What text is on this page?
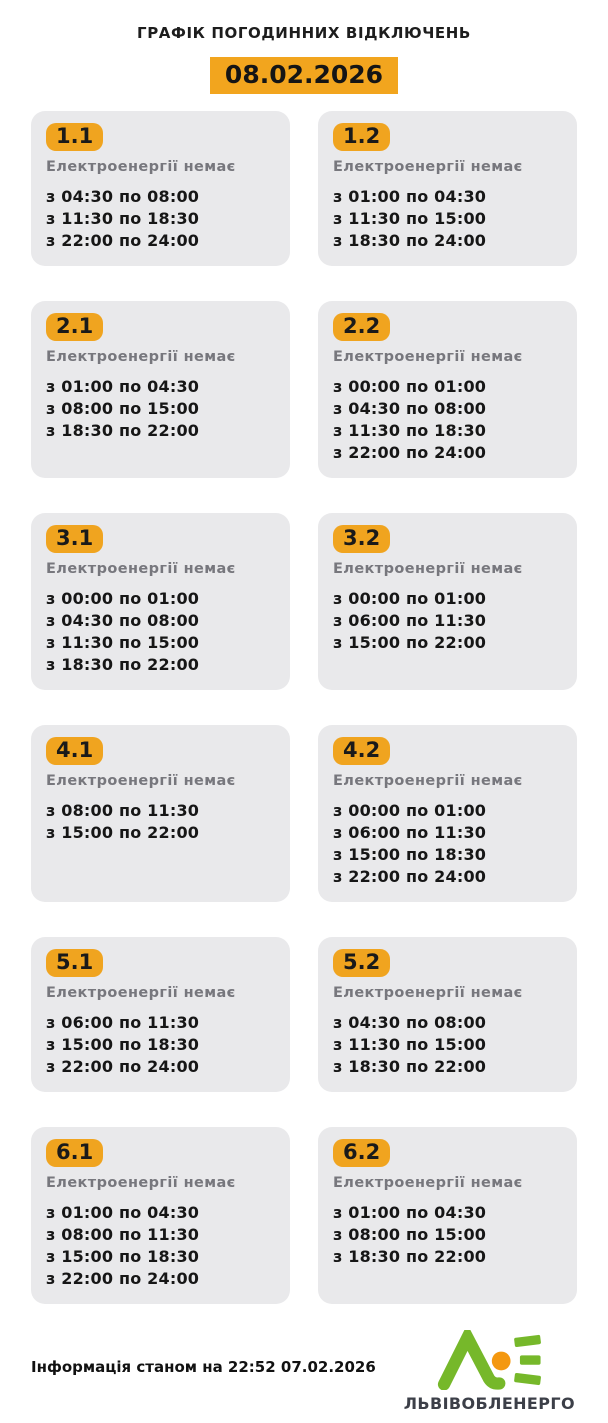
ГРАФІК ПОГОДИННИХ ВІДКЛЮЧЕНЬ
08.02.2026
1.1
Електроенергії немає
з 04:30 по 08:00
з 11:30 по 18:30
з 22:00 по 24:00
1.2
Електроенергії немає
з 01:00 по 04:30
з 11:30 по 15:00
з 18:30 по 24:00
2.1
Електроенергії немає
з 01:00 по 04:30
з 08:00 по 15:00
з 18:30 по 22:00
2.2
Електроенергії немає
з 00:00 по 01:00
з 04:30 по 08:00
з 11:30 по 18:30
з 22:00 по 24:00
3.1
Електроенергії немає
з 00:00 по 01:00
з 04:30 по 08:00
з 11:30 по 15:00
з 18:30 по 22:00
3.2
Електроенергії немає
з 00:00 по 01:00
з 06:00 по 11:30
з 15:00 по 22:00
4.1
Електроенергії немає
з 08:00 по 11:30
з 15:00 по 22:00
4.2
Електроенергії немає
з 00:00 по 01:00
з 06:00 по 11:30
з 15:00 по 18:30
з 22:00 по 24:00
5.1
Електроенергії немає
з 06:00 по 11:30
з 15:00 по 18:30
з 22:00 по 24:00
5.2
Електроенергії немає
з 04:30 по 08:00
з 11:30 по 15:00
з 18:30 по 22:00
6.1
Електроенергії немає
з 01:00 по 04:30
з 08:00 по 11:30
з 15:00 по 18:30
з 22:00 по 24:00
6.2
Електроенергії немає
з 01:00 по 04:30
з 08:00 по 15:00
з 18:30 по 22:00
Інформація станом на 22:52 07.02.2026
ЛЬВІВОБЛЕНЕРГО
